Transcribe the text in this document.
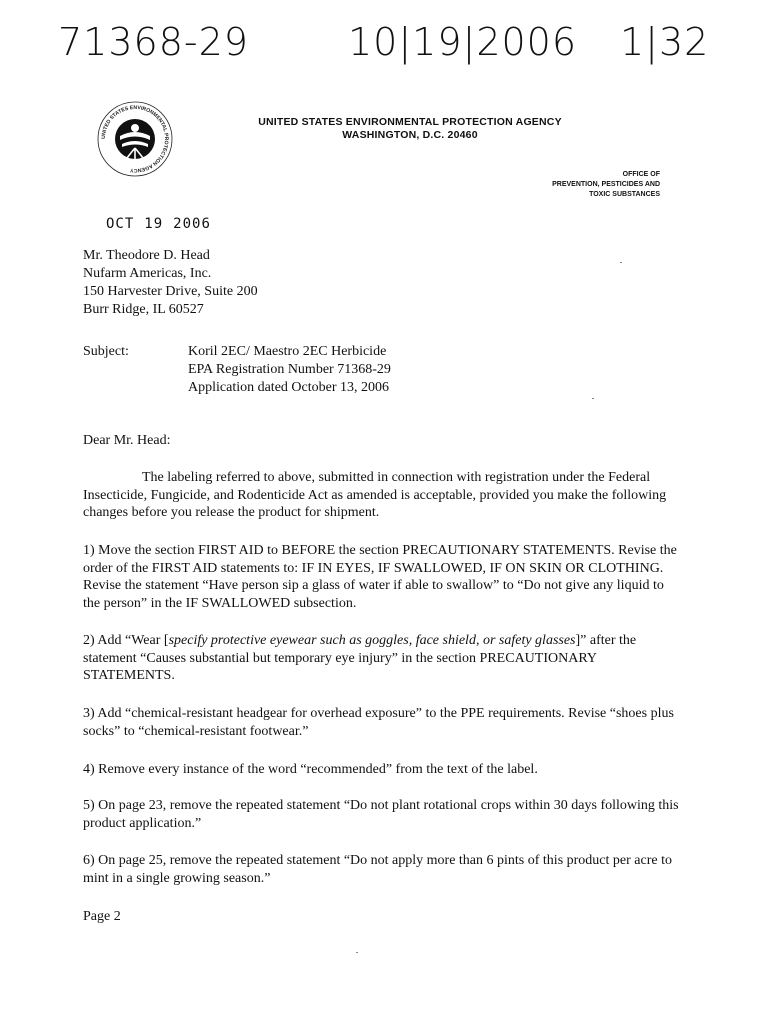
71368-29	10|19|2006 1|32
UNITED STATES ENVIRONMENTAL PROTECTION AGENCY
UNITED STATES ENVIRONMENTAL PROTECTION AGENCY
WASHINGTON, D.C. 20460
OFFICE OF
PREVENTION, PESTICIDES AND
TOXIC SUBSTANCES
OCT 19 2006
Mr. Theodore D. Head
Nufarm Americas, Inc.
150 Harvester Drive, Suite 200
Burr Ridge, IL 60527
Subject:	Koril 2EC/ Maestro 2EC Herbicide
EPA Registration Number 71368-29
Application dated October 13, 2006

Dear Mr. Head:

The labeling referred to above, submitted in connection with registration under the Federal Insecticide, Fungicide, and Rodenticide Act as amended is acceptable, provided you make the following changes before you release the product for shipment.

1) Move the section FIRST AID to BEFORE the section PRECAUTIONARY STATEMENTS. Revise the order of the FIRST AID statements to: IF IN EYES, IF SWALLOWED, IF ON SKIN OR CLOTHING. Revise the statement “Have person sip a glass of water if able to swallow” to “Do not give any liquid to the person” in the IF SWALLOWED subsection.

2) Add “Wear [specify protective eyewear such as goggles, face shield, or safety glasses]” after the statement “Causes substantial but temporary eye injury” in the section PRECAUTIONARY STATEMENTS.

3) Add “chemical-resistant headgear for overhead exposure” to the PPE requirements. Revise “shoes plus socks” to “chemical-resistant footwear.”

4) Remove every instance of the word “recommended” from the text of the label.

5) On page 23, remove the repeated statement “Do not plant rotational crops within 30 days following this product application.”

6) On page 25, remove the repeated statement “Do not apply more than 6 pints of this product per acre to mint in a single growing season.”

Page 2
